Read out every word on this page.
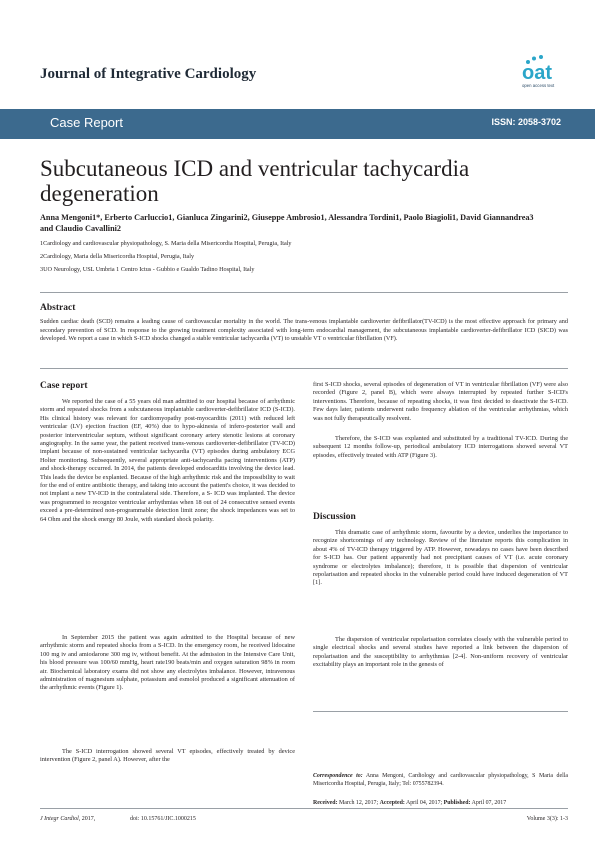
Journal of Integrative Cardiology	oat
open access text
Case Report	ISSN: 2058-3702
Subcutaneous ICD and ventricular tachycardia
degeneration
Anna Mengoni1*, Erberto Carluccio1, Gianluca Zingarini2, Giuseppe Ambrosio1, Alessandra Tordini1, Paolo Biagioli1, David Giannandrea3
and Claudio Cavallini2
1Cardiology and cardiovascular physiopathology, S. Maria della Misericordia Hospital, Perugia, Italy
2Cardiology, Maria della Misericordia Hospital, Perugia, Italy
3UO Neurology, USL Umbria 1 Centro Ictus - Gubbio e Gualdo Tadino Hospital, Italy
Abstract

Sudden cardiac death (SCD) remains a leading cause of cardiovascular mortality in the world. The trans-venous implantable cardioverter defibrillator(TV-ICD) is the most effective approach for primary and secondary prevention of SCD. In response to the growing treatment complexity associated with long-term endocardial management, the subcutaneous implantable cardioverter-defibrillator ICD (SICD) was developed. We report a case in which S-ICD shocks changed a stable ventricular tachycardia (VT) to unstable VT o ventricular fibrillation (VF).

Case report

We reported the case of a 55 years old man admitted to our hospital because of arrhythmic storm and repeated shocks from a subcutaneous implantable cardioverter-defibrillator ICD (S-ICD). His clinical history was relevant for cardiomyopathy post-myocarditis (2011) with reduced left ventricular (LV) ejection fraction (EF, 40%) due to hypo-akinesia of infero-posterior wall and posterior interventricular septum, without significant coronary artery stenotic lesions at coronary angiography. In the same year, the patient received trans-venous cardioverter-defibrillator (TV-ICD) implant because of non-sustained ventricular tachycardia (VT) episodes during ambulatory ECG Holter monitoring. Subsequently, several appropriate anti-tachycardia pacing interventions (ATP) and shock-therapy occurred. In 2014, the patients developed endocarditis involving the device lead. This leads the device be explanted. Because of the high arrhythmic risk and the impossibility to wait for the end of entire antibiotic therapy, and taking into account the patient's choice, it was decided to not implant a new TV-ICD in the contralateral side. Therefore, a S- ICD was implanted. The device was programmed to recognize ventricular arrhythmias when 18 out of 24 consecutive sensed events exceed a pre-determined non-programmable detection limit zone; the shock impedances was set to 64 Ohm and the shock energy 80 Joule, with standard shock polarity.

In September 2015 the patient was again admitted to the Hospital because of new arrhythmic storm and repeated shocks from a S-ICD. In the emergency room, he received lidocaine 100 mg iv and amiodarone 300 mg iv, without benefit. At the admission in the Intensive Care Unit, his blood pressure was 100/60 mmHg, heart rate190 beats/min and oxygen saturation 98% in room air. Biochemical laboratory exams did not show any electrolytes imbalance. However, intravenous administration of magnesium sulphate, potassium and esmolol produced a significant attenuation of the arrhythmic events (Figure 1).

The S-ICD interrogation showed several VT episodes, effectively treated by device intervention (Figure 2, panel A). However, after the

first S-ICD shocks, several episodes of degeneration of VT in ventricular fibrillation (VF) were also recorded (Figure 2, panel B), which were always interrupted by repeated further S-ICD's interventions. Therefore, because of repeating shocks, it was first decided to deactivate the S-ICD. Few days later, patients underwent radio frequency ablation of the ventricular arrhythmias, which was not fully therapeutically resolvent.

Therefore, the S-ICD was explanted and substituted by a traditional TV-ICD. During the subsequent 12 months follow-up, periodical ambulatory ICD interrogations showed several VT episodes, effectively treated with ATP (Figure 3).

Discussion

This dramatic case of arrhythmic storm, favourite by a device, underlies the importance to recognize shortcomings of any technology. Review of the literature reports this complication in about 4% of TV-ICD therapy triggered by ATP. However, nowadays no cases have been described for S-ICD has. Our patient apparently had not precipitant causes of VT (i.e. acute coronary syndrome or electrolytes imbalance); therefore, it is possible that dispersion of ventricular repolarisation and repeated shocks in the vulnerable period could have induced degeneration of VT [1].

The dispersion of ventricular repolarisation correlates closely with the vulnerable period to single electrical shocks and several studies have reported a link between the dispersion of repolarisation and the susceptibility to arrhythmias [2-4]. Non-uniform recovery of ventricular excitability plays an important role in the genesis of

Correspondence to: Anna Mengoni, Cardiology and cardiovascular physiopathology, S Maria della Misericordia Hospital, Perugia, Italy; Tel: 0755782394.

Received: March 12, 2017; Accepted: April 04, 2017; Published: April 07, 2017
J Integr Cardiol, 2017,	doi: 10.15761/JIC.1000215	Volume 3(3): 1-3
